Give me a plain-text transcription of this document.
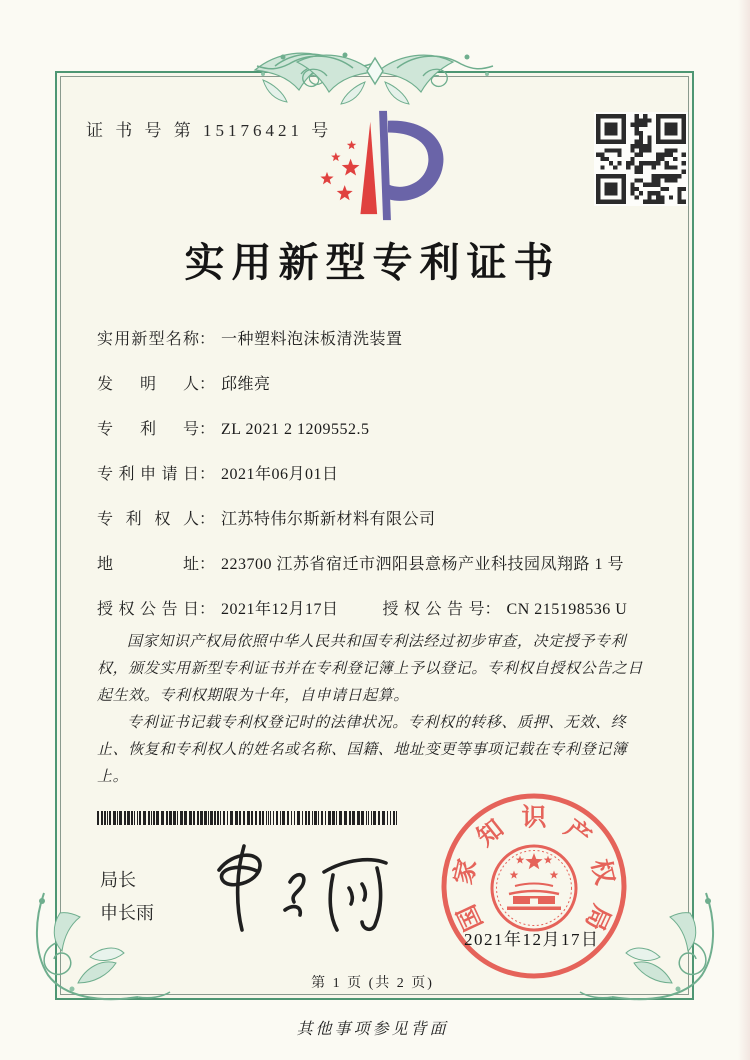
证 书 号 第 15176421 号
实用新型专利证书
实用新型名称： 一种塑料泡沫板清洗装置
发明人： 邱维亮
专利号： ZL 2021 2 1209552.5
专利申请日： 2021年06月01日
专利权人： 江苏特伟尔斯新材料有限公司
地址： 223700 江苏省宿迁市泗阳县意杨产业科技园凤翔路 1 号
授权公告日： 2021年12月17日	授权公告号： CN 215198536 U

国家知识产权局依照中华人民共和国专利法经过初步审查，决定授予专利权，颁发实用新型专利证书并在专利登记簿上予以登记。专利权自授权公告之日起生效。专利权期限为十年，自申请日起算。

专利证书记载专利权登记时的法律状况。专利权的转移、质押、无效、终止、恢复和专利权人的姓名或名称、国籍、地址变更等事项记载在专利登记簿上。

局长
申长雨	国
家
知 识 产
权
局
2021年12月17日
第 1 页 (共 2 页)
其他事项参见背面
